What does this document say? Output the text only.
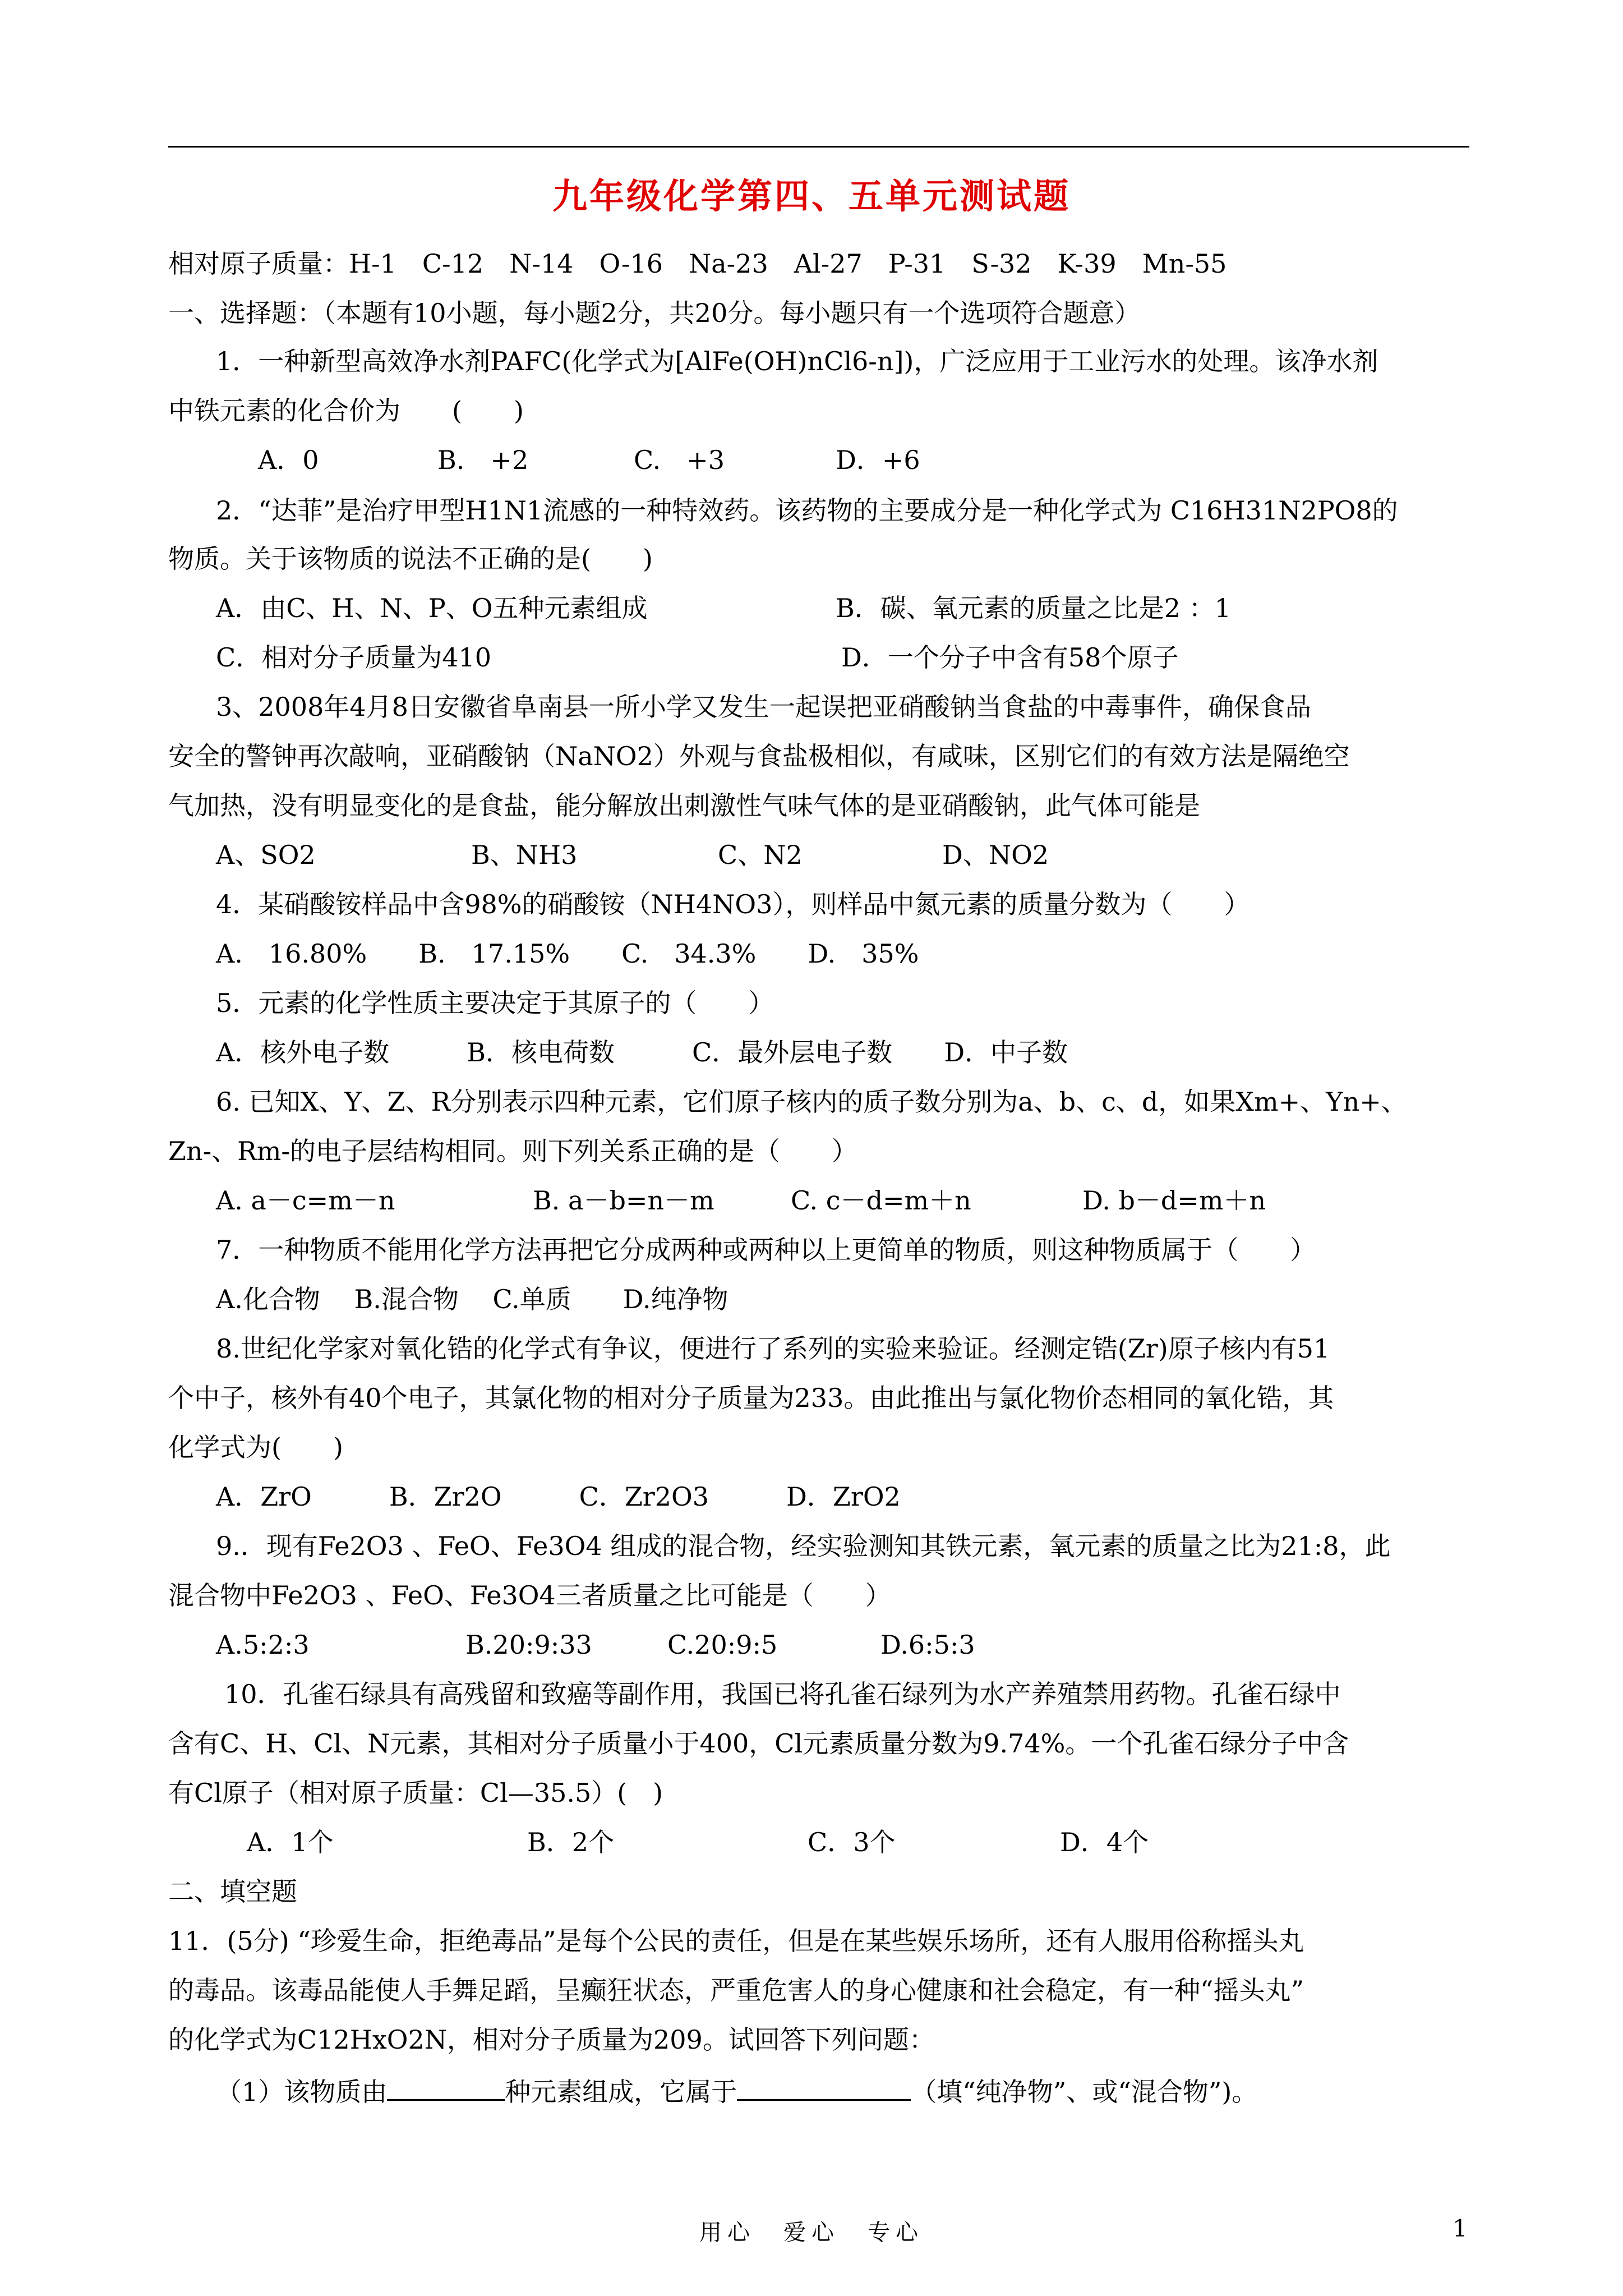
九年级化学第四、五单元测试题
相对原子质量：H-1　C-12　N-14　O-16　Na-23　Al-27　P-31　S-32　K-39　Mn-55
一、选择题：（本题有10小题，每小题2分，共20分。每小题只有一个选项符合题意）
1．一种新型高效净水剂PAFC(化学式为[AlFe(OH)nCl6-n])，广泛应用于工业污水的处理。该净水剂
中铁元素的化合价为　　(　　)
A．0	B.　+2	C.　+3	D．+6
2．“达菲”是治疗甲型H1N1流感的一种特效药。该药物的主要成分是一种化学式为 C16H31N2PO8的
物质。关于该物质的说法不正确的是(　　)
A．由C、H、N、P、O五种元素组成	B．碳、氧元素的质量之比是2 ：1
C．相对分子质量为410	D．一个分子中含有58个原子
3、2008年4月8日安徽省阜南县一所小学又发生一起误把亚硝酸钠当食盐的中毒事件，确保食品
安全的警钟再次敲响，亚硝酸钠（NaNO2）外观与食盐极相似，有咸味，区别它们的有效方法是隔绝空
气加热，没有明显变化的是食盐，能分解放出刺激性气味气体的是亚硝酸钠，此气体可能是
A、SO2	B、NH3	C、N2	D、NO2
4．某硝酸铵样品中含98%的硝酸铵（NH4NO3），则样品中氮元素的质量分数为（　　）
A.　16.80%　　B.　17.15%　　C.　34.3%　　D.　35%
5．元素的化学性质主要决定于其原子的（　　）
A．核外电子数　　　B．核电荷数　　　C．最外层电子数　　D．中子数
6. 已知X、Y、Z、R分别表示四种元素，它们原子核内的质子数分别为a、b、c、d，如果Xm+、Yn+、
Zn-、Rm-的电子层结构相同。则下列关系正确的是（　　）
A. a－c=m－n	B. a－b=n－m	C. c－d=m＋n	D. b－d=m＋n
7．一种物质不能用化学方法再把它分成两种或两种以上更简单的物质，则这种物质属于（　　）
A.化合物　 B.混合物　 C.单质　　D.纯净物
8.世纪化学家对氧化锆的化学式有争议，便进行了系列的实验来验证。经测定锆(Zr)原子核内有51
个中子，核外有40个电子，其氯化物的相对分子质量为233。由此推出与氯化物价态相同的氧化锆，其
化学式为(　　)
A．ZrO　　　B．Zr2O　　　C．Zr2O3　　　D．ZrO2
9.．现有Fe2O3 、FeO、Fe3O4 组成的混合物，经实验测知其铁元素，氧元素的质量之比为21:8，此
混合物中Fe2O3 、FeO、Fe3O4三者质量之比可能是（　　）
A.5:2:3	B.20:9:33	C.20:9:5	D.6:5:3
10．孔雀石绿具有高残留和致癌等副作用，我国已将孔雀石绿列为水产养殖禁用药物。孔雀石绿中
含有C、H、Cl、N元素，其相对分子质量小于400，Cl元素质量分数为9.74%。一个孔雀石绿分子中含
有Cl原子（相对原子质量：Cl—35.5）(　)
A．1个	B．2个	C．3个	D．4个
二、填空题
11．(5分) “珍爱生命，拒绝毒品”是每个公民的责任，但是在某些娱乐场所，还有人服用俗称摇头丸
的毒品。该毒品能使人手舞足蹈，呈癫狂状态，严重危害人的身心健康和社会稳定，有一种“摇头丸”
的化学式为C12HxO2N，相对分子质量为209。试回答下列问题：
（1）该物质由	种元素组成，它属于	（填“纯净物”、或“混合物”)。
用心　爱心　专心	1
